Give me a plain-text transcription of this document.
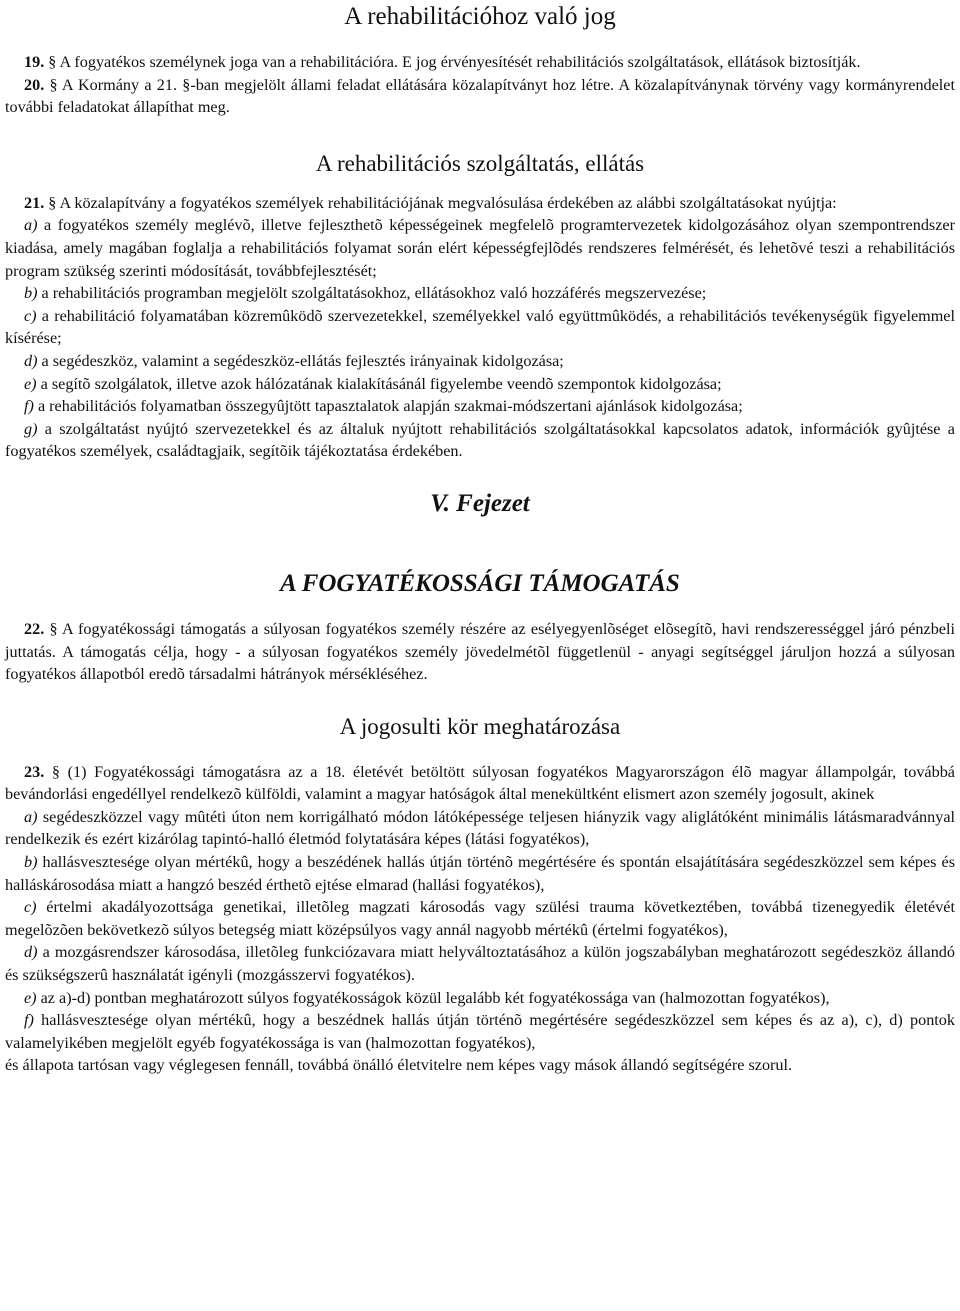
A rehabilitációhoz való jog

19. § A fogyatékos személynek joga van a rehabilitációra. E jog érvényesítését rehabilitációs szolgáltatások, ellátások biztosítják.

20. § A Kormány a 21. §-ban megjelölt állami feladat ellátására közalapítványt hoz létre. A közalapítványnak törvény vagy kormányrendelet további feladatokat állapíthat meg.

A rehabilitációs szolgáltatás, ellátás

21. § A közalapítvány a fogyatékos személyek rehabilitációjának megvalósulása érdekében az alábbi szolgáltatásokat nyújtja:

a) a fogyatékos személy meglévõ, illetve fejleszthetõ képességeinek megfelelõ programtervezetek kidolgozásához olyan szempontrendszer kiadása, amely magában foglalja a rehabilitációs folyamat során elért képességfejlõdés rendszeres felmérését, és lehetõvé teszi a rehabilitációs program szükség szerinti módosítását, továbbfejlesztését;

b) a rehabilitációs programban megjelölt szolgáltatásokhoz, ellátásokhoz való hozzáférés megszervezése;

c) a rehabilitáció folyamatában közremûködõ szervezetekkel, személyekkel való együttmûködés, a rehabilitációs tevékenységük figyelemmel kísérése;

d) a segédeszköz, valamint a segédeszköz-ellátás fejlesztés irányainak kidolgozása;

e) a segítõ szolgálatok, illetve azok hálózatának kialakításánál figyelembe veendõ szempontok kidolgozása;

f) a rehabilitációs folyamatban összegyûjtött tapasztalatok alapján szakmai-módszertani ajánlások kidolgozása;

g) a szolgáltatást nyújtó szervezetekkel és az általuk nyújtott rehabilitációs szolgáltatásokkal kapcsolatos adatok, információk gyûjtése a fogyatékos személyek, családtagjaik, segítõik tájékoztatása érdekében.

V. Fejezet
A FOGYATÉKOSSÁGI TÁMOGATÁS

22. § A fogyatékossági támogatás a súlyosan fogyatékos személy részére az esélyegyenlõséget elõsegítõ, havi rendszerességgel járó pénzbeli juttatás. A támogatás célja, hogy - a súlyosan fogyatékos személy jövedelmétõl függetlenül - anyagi segítséggel járuljon hozzá a súlyosan fogyatékos állapotból eredõ társadalmi hátrányok mérsékléséhez.

A jogosulti kör meghatározása

23. § (1) Fogyatékossági támogatásra az a 18. életévét betöltött súlyosan fogyatékos Magyarországon élõ magyar állampolgár, továbbá bevándorlási engedéllyel rendelkezõ külföldi, valamint a magyar hatóságok által menekültként elismert azon személy jogosult, akinek

a) segédeszközzel vagy mûtéti úton nem korrigálható módon látóképessége teljesen hiányzik vagy aliglátóként minimális látásmaradvánnyal rendelkezik és ezért kizárólag tapintó-halló életmód folytatására képes (látási fogyatékos),

b) hallásvesztesége olyan mértékû, hogy a beszédének hallás útján történõ megértésére és spontán elsajátítására segédeszközzel sem képes és halláskárosodása miatt a hangzó beszéd érthetõ ejtése elmarad (hallási fogyatékos),

c) értelmi akadályozottsága genetikai, illetõleg magzati károsodás vagy szülési trauma következtében, továbbá tizenegyedik életévét megelõzõen bekövetkezõ súlyos betegség miatt középsúlyos vagy annál nagyobb mértékû (értelmi fogyatékos),

d) a mozgásrendszer károsodása, illetõleg funkciózavara miatt helyváltoztatásához a külön jogszabályban meghatározott segédeszköz állandó és szükségszerû használatát igényli (mozgásszervi fogyatékos).

e) az a)-d) pontban meghatározott súlyos fogyatékosságok közül legalább két fogyatékossága van (halmozottan fogyatékos),

f) hallásvesztesége olyan mértékû, hogy a beszédnek hallás útján történõ megértésére segédeszközzel sem képes és az a), c), d) pontok valamelyikében megjelölt egyéb fogyatékossága is van (halmozottan fogyatékos),

és állapota tartósan vagy véglegesen fennáll, továbbá önálló életvitelre nem képes vagy mások állandó segítségére szorul.
